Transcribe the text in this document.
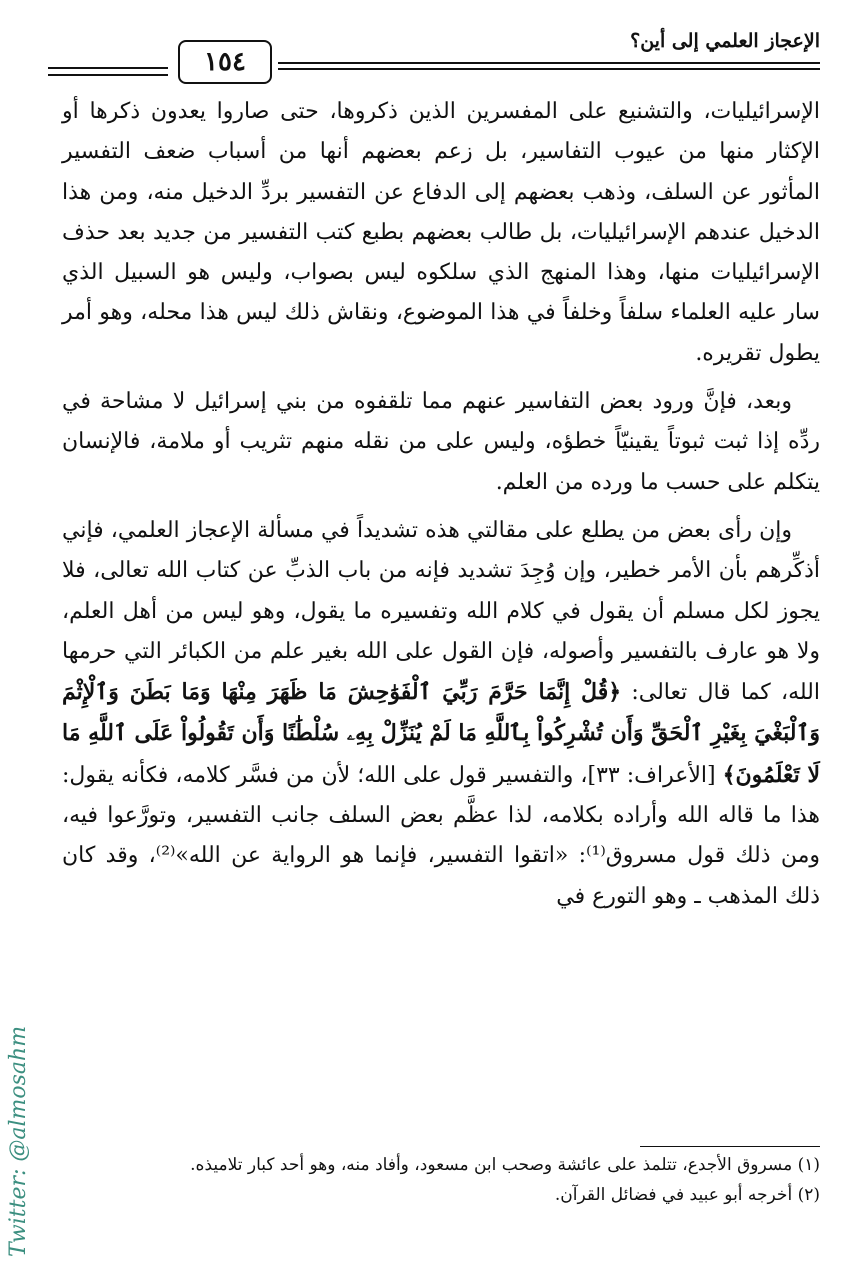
الإعجاز العلمي إلى أين؟
١٥٤

الإسرائيليات، والتشنيع على المفسرين الذين ذكروها، حتى صاروا يعدون ذكرها أو الإكثار منها من عيوب التفاسير، بل زعم بعضهم أنها من أسباب ضعف التفسير المأثور عن السلف، وذهب بعضهم إلى الدفاع عن التفسير بردِّ الدخيل منه، ومن هذا الدخيل عندهم الإسرائيليات، بل طالب بعضهم بطبع كتب التفسير من جديد بعد حذف الإسرائيليات منها، وهذا المنهج الذي سلكوه ليس بصواب، وليس هو السبيل الذي سار عليه العلماء سلفاً وخلفاً في هذا الموضوع، ونقاش ذلك ليس هذا محله، وهو أمر يطول تقريره.

وبعد، فإنَّ ورود بعض التفاسير عنهم مما تلقفوه من بني إسرائيل لا مشاحة في ردِّه إذا ثبت ثبوتاً يقينيّاً خطؤه، وليس على من نقله منهم تثريب أو ملامة، فالإنسان يتكلم على حسب ما ورده من العلم.

وإن رأى بعض من يطلع على مقالتي هذه تشديداً في مسألة الإعجاز العلمي، فإني أذكِّرهم بأن الأمر خطير، وإن وُجِدَ تشديد فإنه من باب الذبِّ عن كتاب الله تعالى، فلا يجوز لكل مسلم أن يقول في كلام الله وتفسيره ما يقول، وهو ليس من أهل العلم، ولا هو عارف بالتفسير وأصوله، فإن القول على الله بغير علم من الكبائر التي حرمها الله، كما قال تعالى: ﴿قُلْ إِنَّمَا حَرَّمَ رَبِّيَ ٱلْفَوَٰحِشَ مَا ظَهَرَ مِنْهَا وَمَا بَطَنَ وَٱلْإِثْمَ وَٱلْبَغْيَ بِغَيْرِ ٱلْحَقِّ وَأَن تُشْرِكُواْ بِٱللَّهِ مَا لَمْ يُنَزِّلْ بِهِۦ سُلْطَٰنًا وَأَن تَقُولُواْ عَلَى ٱللَّهِ مَا لَا تَعْلَمُونَ﴾ [الأعراف: ٣٣]، والتفسير قول على الله؛ لأن من فسَّر كلامه، فكأنه يقول: هذا ما قاله الله وأراده بكلامه، لذا عظَّم بعض السلف جانب التفسير، وتورَّعوا فيه، ومن ذلك قول مسروق⁽¹⁾: «اتقوا التفسير، فإنما هو الرواية عن الله»⁽²⁾، وقد كان ذلك المذهب ـ وهو التورع في

(١) مسروق الأجدع، تتلمذ على عائشة وصحب ابن مسعود، وأفاد منه، وهو أحد كبار تلاميذه.

(٢) أخرجه أبو عبيد في فضائل القرآن.

Twitter: @almosahm
